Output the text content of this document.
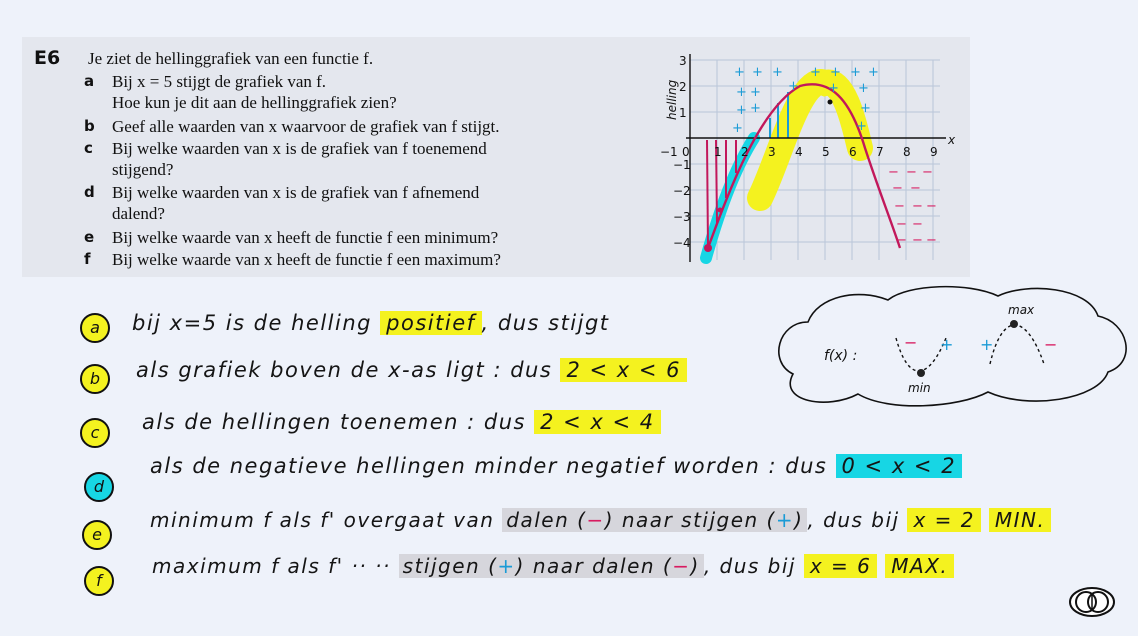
E6 Je ziet de hellinggrafiek van een functie f.
a Bij x = 5 stijgt de grafiek van f.
Hoe kun je dit aan de hellinggrafiek zien?
b Geef alle waarden van x waarvoor de grafiek van f stijgt.
c Bij welke waarden van x is de grafiek van f toenemend
stijgend?
d Bij welke waarden van x is de grafiek van f afnemend
dalend?
e Bij welke waarde van x heeft de functie f een minimum?
f Bij welke waarde van x heeft de functie f een maximum?
−1 0 1 2 3 4 5 6 7 8 9
3
2
1
−1
−2
−3
−4
x
helling
+ + + + + + +
+ + + + +
+ +	+
+	+
− − −
− −
− − −
− −
− − −
a	bij x=5 is de helling positief , dus stijgt
b	als grafiek boven de x-as ligt : dus 2 < x < 6
c	als de hellingen toenemen : dus 2 < x < 4
d
als de negatieve hellingen minder negatief worden : dus 0 < x < 2
e
minimum f als f' overgaat van dalen (−) naar stijgen (+) , dus bij x = 2 MIN.
f
maximum f als f' ·· ·· stijgen (+) naar dalen (−) , dus bij x = 6 MAX.
f(x) :
min
− +
max
+	−
